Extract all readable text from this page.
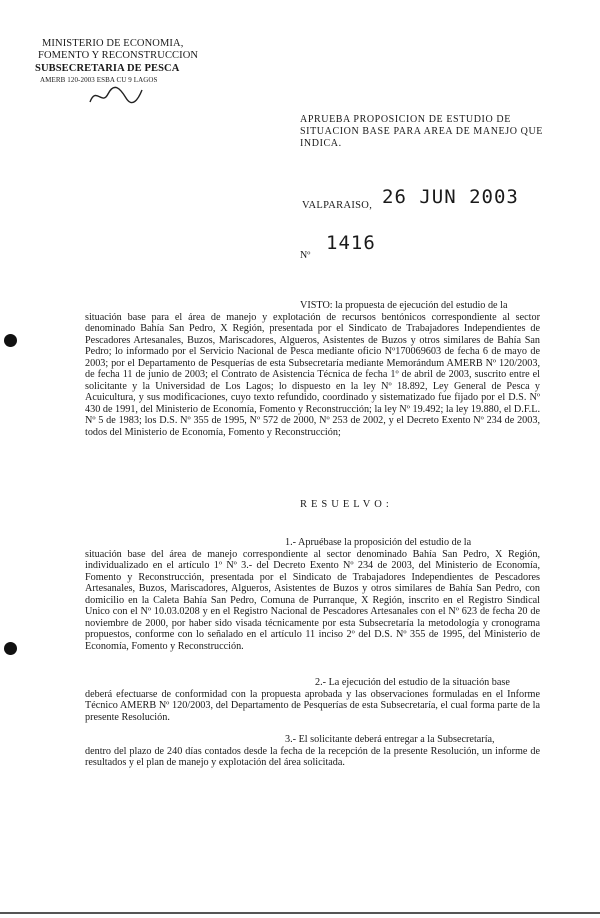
MINISTERIO DE ECONOMIA,
FOMENTO Y RECONSTRUCCION
SUBSECRETARIA DE PESCA
AMERB 120-2003 ESBA CU 9 LAGOS
APRUEBA PROPOSICION DE ESTUDIO DE SITUACION BASE PARA AREA DE MANEJO QUE INDICA.
VALPARAISO, 26 JUN 2003
Nº
1416

VISTO: la propuesta de ejecución del estudio de la

situación base para el área de manejo y explotación de recursos bentónicos correspondiente al sector denominado Bahía San Pedro, X Región, presentada por el Sindicato de Trabajadores Independientes de Pescadores Artesanales, Buzos, Mariscadores, Algueros, Asistentes de Buzos y otros similares de Bahía San Pedro; lo informado por el Servicio Nacional de Pesca mediante oficio Nº170069603 de fecha 6 de mayo de 2003; por el Departamento de Pesquerías de esta Subsecretaría mediante Memorándum AMERB Nº 120/2003, de fecha 11 de junio de 2003; el Contrato de Asistencia Técnica de fecha 1º de abril de 2003, suscrito entre el solicitante y la Universidad de Los Lagos; lo dispuesto en la ley Nº 18.892, Ley General de Pesca y Acuicultura, y sus modificaciones, cuyo texto refundido, coordinado y sistematizado fue fijado por el D.S. Nº 430 de 1991, del Ministerio de Economía, Fomento y Reconstrucción; la ley Nº 19.492; la ley 19.880, el D.F.L. Nº 5 de 1983; los D.S. Nº 355 de 1995, Nº 572 de 2000, Nº 253 de 2002, y el Decreto Exento Nº 234 de 2003, todos del Ministerio de Economía, Fomento y Reconstrucción;

RESUELVO:

1.- Apruébase la proposición del estudio de la

situación base del área de manejo correspondiente al sector denominado Bahía San Pedro, X Región, individualizado en el artículo 1º Nº 3.- del Decreto Exento Nº 234 de 2003, del Ministerio de Economía, Fomento y Reconstrucción, presentada por el Sindicato de Trabajadores Independientes de Pescadores Artesanales, Buzos, Mariscadores, Algueros, Asistentes de Buzos y otros similares de Bahía San Pedro, con domicilio en la Caleta Bahía San Pedro, Comuna de Purranque, X Región, inscrito en el Registro Sindical Unico con el Nº 10.03.0208 y en el Registro Nacional de Pescadores Artesanales con el Nº 623 de fecha 20 de noviembre de 2000, por haber sido visada técnicamente por esta Subsecretaría la metodología y cronograma propuestos, conforme con lo señalado en el artículo 11 inciso 2º del D.S. Nº 355 de 1995, del Ministerio de Economía, Fomento y Reconstrucción.

2.- La ejecución del estudio de la situación base

deberá efectuarse de conformidad con la propuesta aprobada y las observaciones formuladas en el Informe Técnico AMERB Nº 120/2003, del Departamento de Pesquerías de esta Subsecretaría, el cual forma parte de la presente Resolución.

3.- El solicitante deberá entregar a la Subsecretaría,

dentro del plazo de 240 días contados desde la fecha de la recepción de la presente Resolución, un informe de resultados y el plan de manejo y explotación del área solicitada.
